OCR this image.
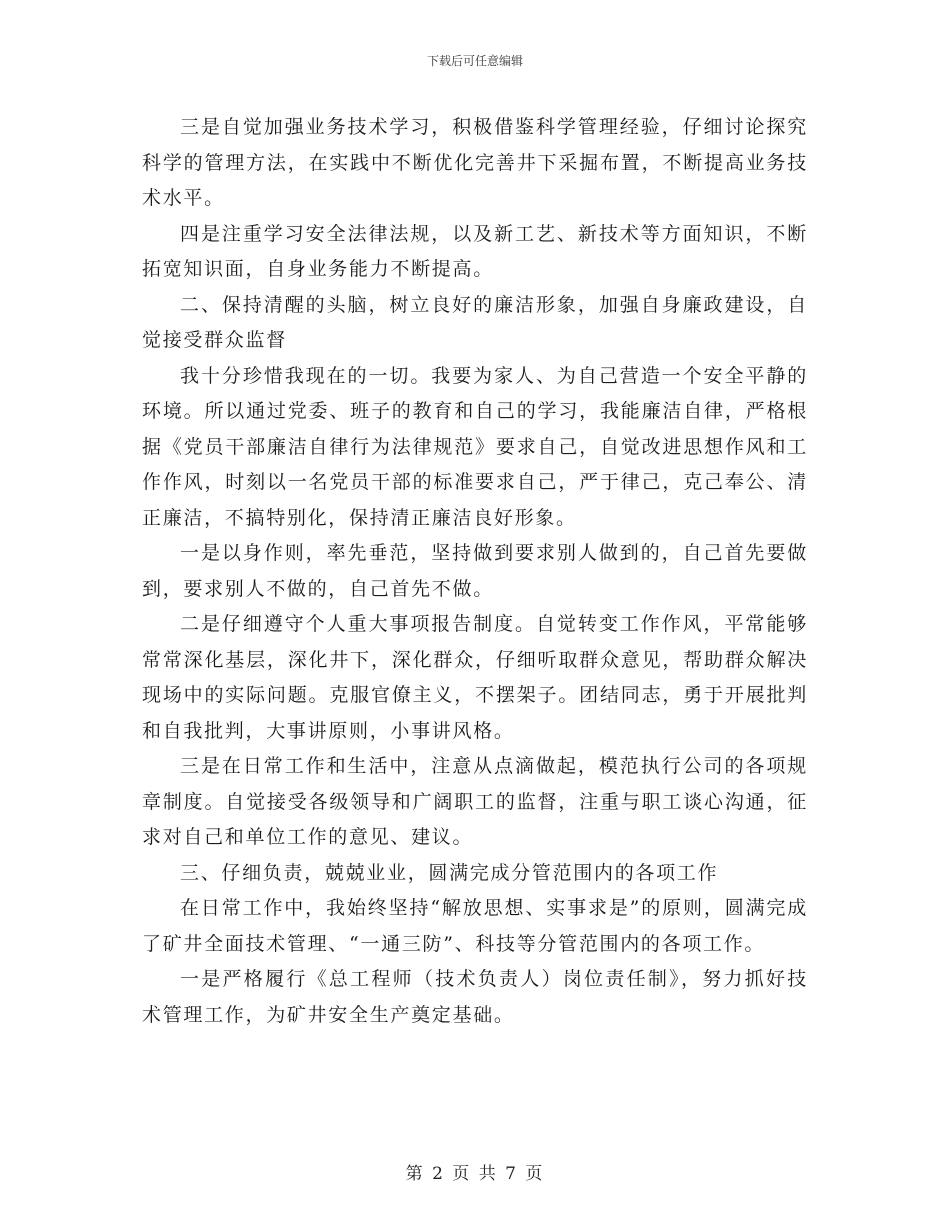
下载后可任意编辑

三是自觉加强业务技术学习，积极借鉴科学管理经验，仔细讨论探究科学的管理方法，在实践中不断优化完善井下采掘布置，不断提高业务技术水平。

四是注重学习安全法律法规，以及新工艺、新技术等方面知识，不断拓宽知识面，自身业务能力不断提高。

二、保持清醒的头脑，树立良好的廉洁形象，加强自身廉政建设，自觉接受群众监督

我十分珍惜我现在的一切。我要为家人、为自己营造一个安全平静的环境。所以通过党委、班子的教育和自己的学习，我能廉洁自律，严格根据《党员干部廉洁自律行为法律规范》要求自己，自觉改进思想作风和工作作风，时刻以一名党员干部的标准要求自己，严于律己，克己奉公、清正廉洁，不搞特别化，保持清正廉洁良好形象。

一是以身作则，率先垂范，坚持做到要求别人做到的，自己首先要做到，要求别人不做的，自己首先不做。

二是仔细遵守个人重大事项报告制度。自觉转变工作作风，平常能够常常深化基层，深化井下，深化群众，仔细听取群众意见，帮助群众解决现场中的实际问题。克服官僚主义，不摆架子。团结同志，勇于开展批判和自我批判，大事讲原则，小事讲风格。

三是在日常工作和生活中，注意从点滴做起，模范执行公司的各项规章制度。自觉接受各级领导和广阔职工的监督，注重与职工谈心沟通，征求对自己和单位工作的意见、建议。

三、仔细负责，兢兢业业，圆满完成分管范围内的各项工作

在日常工作中，我始终坚持“解放思想、实事求是”的原则，圆满完成了矿井全面技术管理、“一通三防”、科技等分管范围内的各项工作。

一是严格履行《总工程师（技术负责人）岗位责任制》，努力抓好技术管理工作，为矿井安全生产奠定基础。

第 2 页 共 7 页
